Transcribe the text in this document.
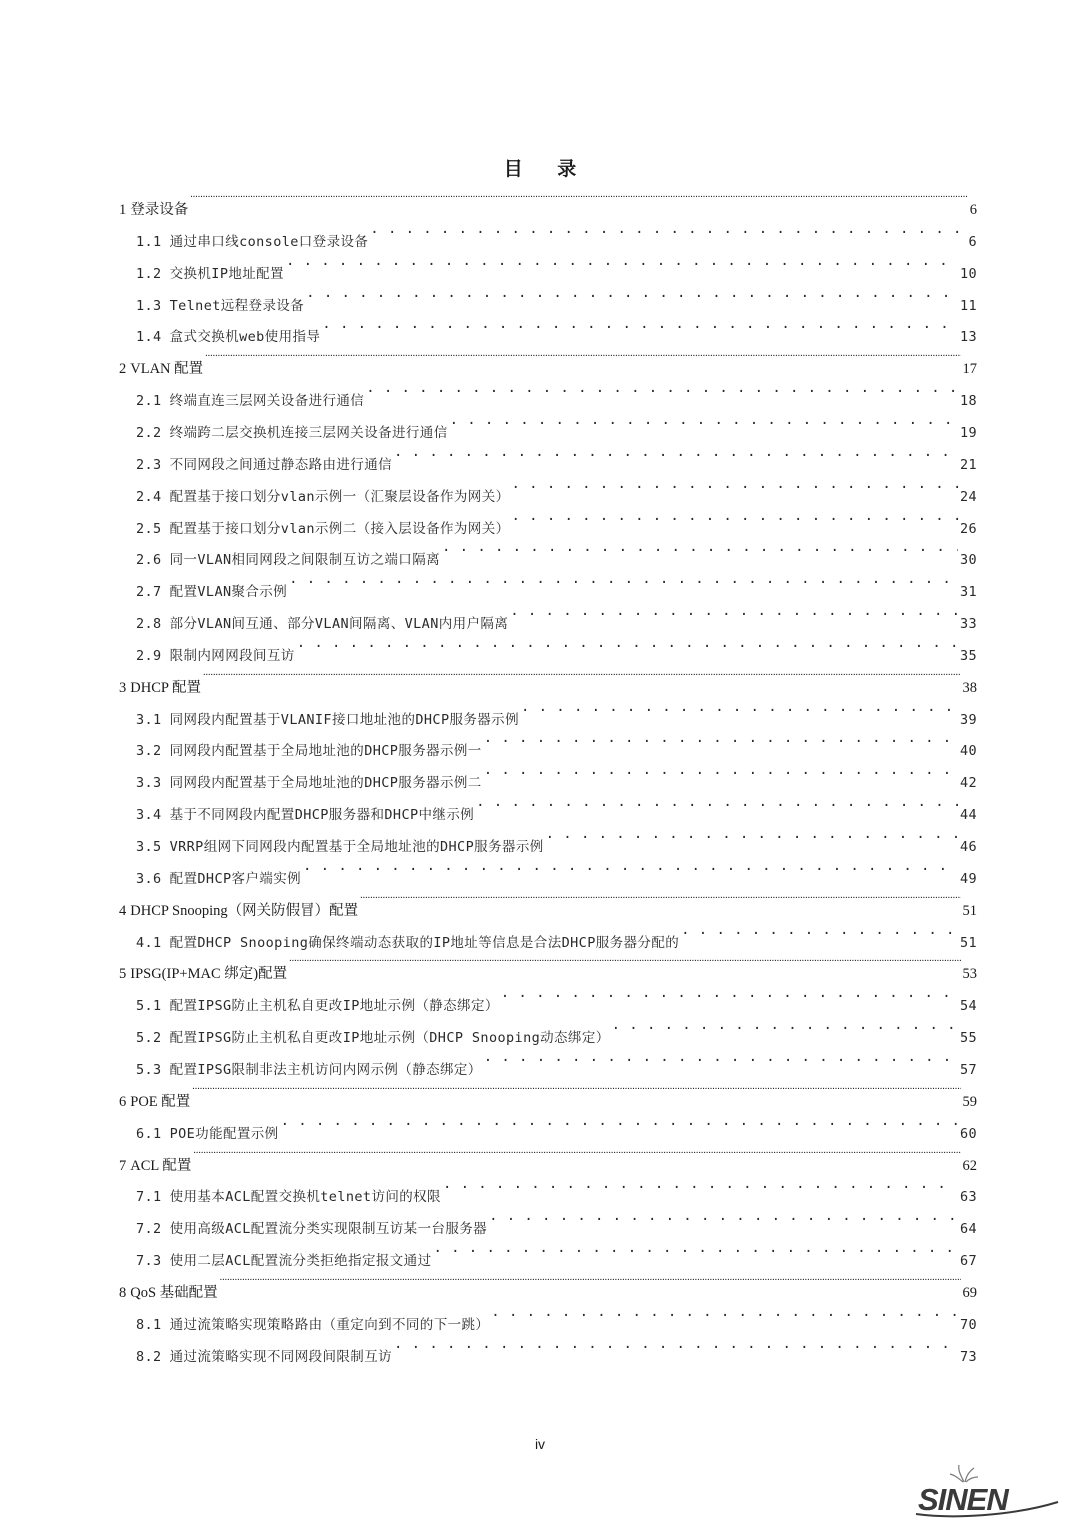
目 录
1 登录设备 .....	6
1.1 通过串口线console口登录设备 . . .	6
1.2 交换机IP地址配置 . . .	10
1.3 Telnet远程登录设备 . . .	11
1.4 盒式交换机web使用指导 . . .	13
2 VLAN 配置 .....	17
2.1 终端直连三层网关设备进行通信 . . .	18
2.2 终端跨二层交换机连接三层网关设备进行通信 . . .	19
2.3 不同网段之间通过静态路由进行通信 . . .	21
2.4 配置基于接口划分vlan示例一（汇聚层设备作为网关） . . .	24
2.5 配置基于接口划分vlan示例二（接入层设备作为网关） . . .	26
2.6 同一VLAN相同网段之间限制互访之端口隔离 . . .	30
2.7 配置VLAN聚合示例 . . .	31
2.8 部分VLAN间互通、部分VLAN间隔离、VLAN内用户隔离 . . .	33
2.9 限制内网网段间互访 . . .	35
3 DHCP 配置 .....	38
3.1 同网段内配置基于VLANIF接口地址池的DHCP服务器示例 . . .	39
3.2 同网段内配置基于全局地址池的DHCP服务器示例一 . . .	40
3.3 同网段内配置基于全局地址池的DHCP服务器示例二 . . .	42
3.4 基于不同网段内配置DHCP服务器和DHCP中继示例 . . .	44
3.5 VRRP组网下同网段内配置基于全局地址池的DHCP服务器示例 . . .	46
3.6 配置DHCP客户端实例 . . .	49
4 DHCP Snooping（网关防假冒）配置 .....	51
4.1 配置DHCP Snooping确保终端动态获取的IP地址等信息是合法DHCP服务器分配的 . . .	51
5 IPSG(IP+MAC 绑定)配置 .....	53
5.1 配置IPSG防止主机私自更改IP地址示例（静态绑定） . . .	54
5.2 配置IPSG防止主机私自更改IP地址示例（DHCP Snooping动态绑定） . . .	55
5.3 配置IPSG限制非法主机访问内网示例（静态绑定） . . .	57
6 POE 配置 .....	59
6.1 POE功能配置示例 . . .	60
7 ACL 配置 .....	62
7.1 使用基本ACL配置交换机telnet访问的权限 . . .	63
7.2 使用高级ACL配置流分类实现限制互访某一台服务器 . . .	64
7.3 使用二层ACL配置流分类拒绝指定报文通过 . . .	67
8 QoS 基础配置 .....	69
8.1 通过流策略实现策略路由（重定向到不同的下一跳） . . .	70
8.2 通过流策略实现不同网段间限制互访 . . .	73
iv
SINEN
